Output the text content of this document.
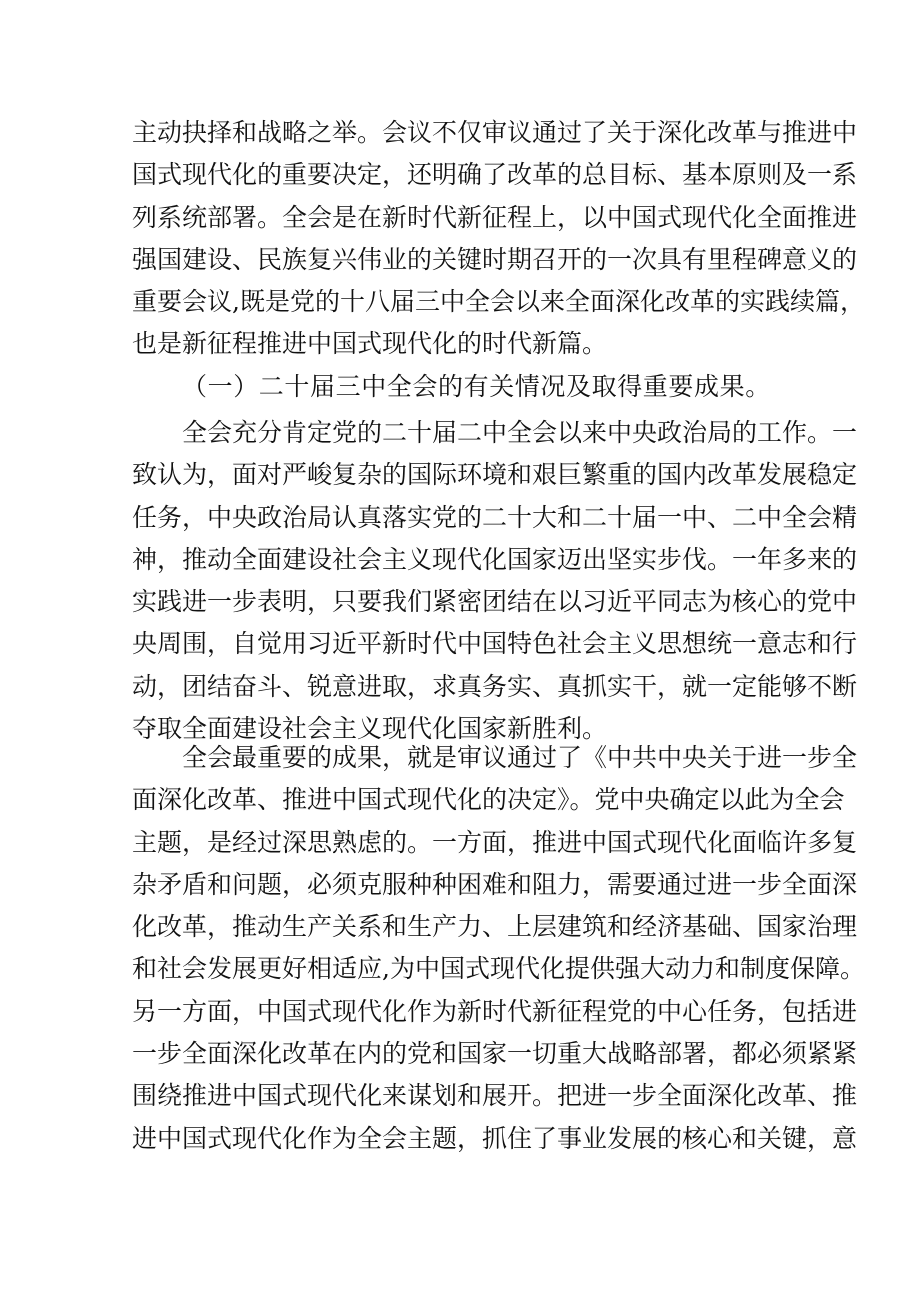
主动抉择和战略之举。会议不仅审议通过了关于深化改革与推进中
国式现代化的重要决定，还明确了改革的总目标、基本原则及一系
列系统部署。全会是在新时代新征程上，以中国式现代化全面推进
强国建设、民族复兴伟业的关键时期召开的一次具有里程碑意义的
重要会议,既是党的十八届三中全会以来全面深化改革的实践续篇，
也是新征程推进中国式现代化的时代新篇。
（一）二十届三中全会的有关情况及取得重要成果。
全会充分肯定党的二十届二中全会以来中央政治局的工作。一
致认为，面对严峻复杂的国际环境和艰巨繁重的国内改革发展稳定
任务，中央政治局认真落实党的二十大和二十届一中、二中全会精
神，推动全面建设社会主义现代化国家迈出坚实步伐。一年多来的
实践进一步表明，只要我们紧密团结在以习近平同志为核心的党中
央周围，自觉用习近平新时代中国特色社会主义思想统一意志和行
动，团结奋斗、锐意进取，求真务实、真抓实干，就一定能够不断
夺取全面建设社会主义现代化国家新胜利。
全会最重要的成果，就是审议通过了《中共中央关于进一步全
面深化改革、推进中国式现代化的决定》。党中央确定以此为全会
主题，是经过深思熟虑的。一方面，推进中国式现代化面临许多复
杂矛盾和问题，必须克服种种困难和阻力，需要通过进一步全面深
化改革，推动生产关系和生产力、上层建筑和经济基础、国家治理
和社会发展更好相适应,为中国式现代化提供强大动力和制度保障。
另一方面，中国式现代化作为新时代新征程党的中心任务，包括进
一步全面深化改革在内的党和国家一切重大战略部署，都必须紧紧
围绕推进中国式现代化来谋划和展开。把进一步全面深化改革、推
进中国式现代化作为全会主题，抓住了事业发展的核心和关键，意
